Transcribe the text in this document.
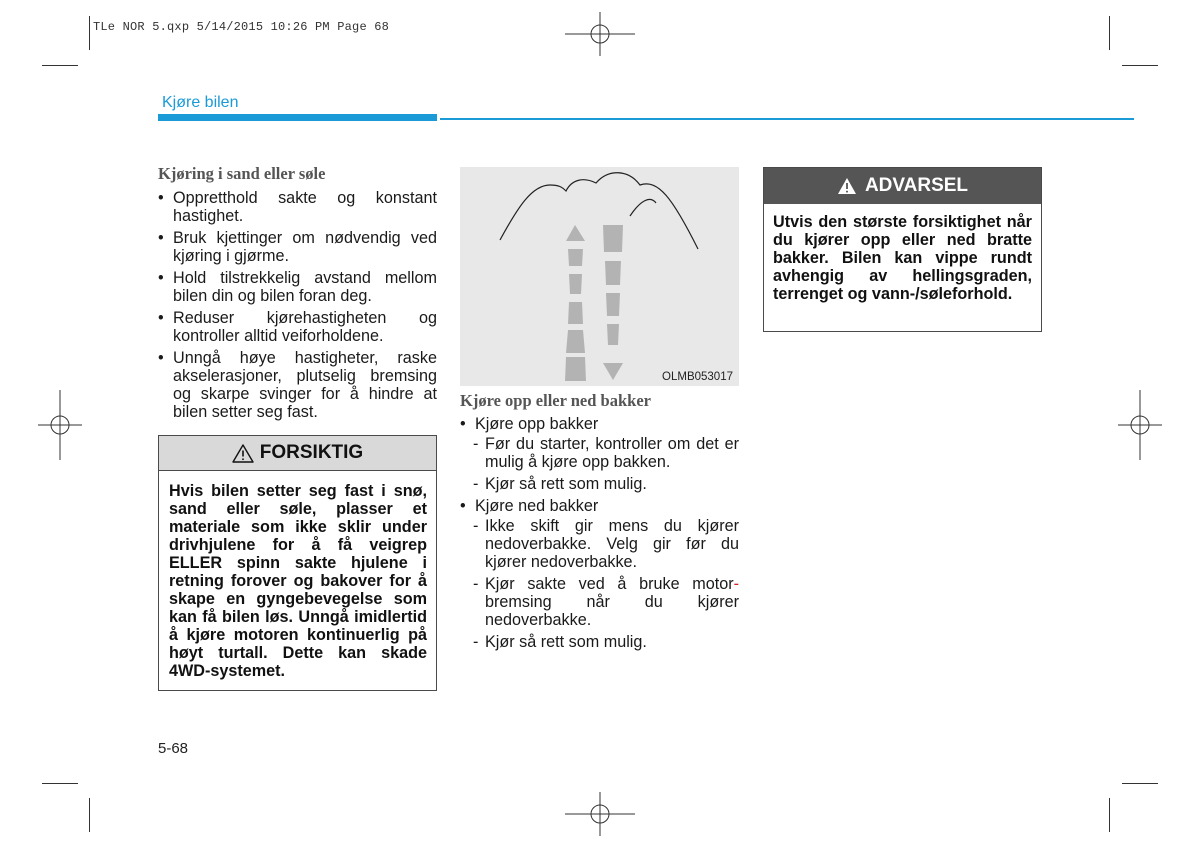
TLe NOR 5.qxp 5/14/2015 10:26 PM Page 68
Kjøre bilen
Kjøring i sand eller søle
• Oppretthold sakte og konstant hastighet.
• Bruk kjettinger om nødvendig ved kjøring i gjørme.
• Hold tilstrekkelig avstand mellom bilen din og bilen foran deg.
• Reduser kjørehastigheten og kontroller alltid veiforholdene.
• Unngå høye hastigheter, raske akselerasjoner, plutselig bremsing og skarpe svinger for å hindre at bilen setter seg fast.
FORSIKTIG
Hvis bilen setter seg fast i snø, sand eller søle, plasser et materiale som ikke sklir under drivhjulene for å få veigrep ELLER spinn sakte hjulene i retning forover og bakover for å skape en gyngebevegelse som kan få bilen løs. Unngå imidlertid å kjøre motoren kontinuerlig på høyt turtall. Dette kan skade 4WD-systemet.
OLMB053017
Kjøre opp eller ned bakker
• Kjøre opp bakker
- Før du starter, kontroller om det er mulig å kjøre opp bakken.
- Kjør så rett som mulig.
• Kjøre ned bakker
- Ikke skift gir mens du kjører nedoverbakke. Velg gir før du kjører nedoverbakke.
- Kjør sakte ved å bruke motor-bremsing når du kjører nedoverbakke.
- Kjør så rett som mulig.
ADVARSEL
Utvis den største forsiktighet når du kjører opp eller ned bratte bakker. Bilen kan vippe rundt avhengig av hellingsgraden, terrenget og vann-/søleforhold.
5-68
